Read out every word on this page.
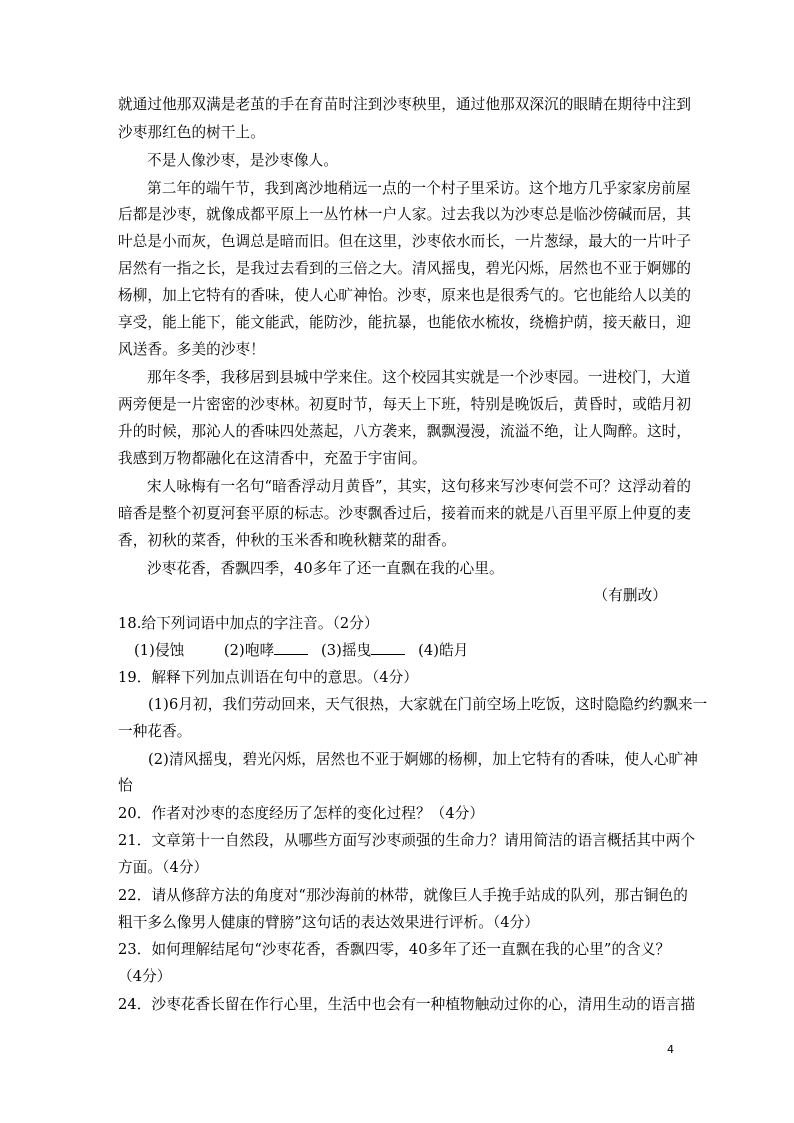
就通过他那双满是老茧的手在育苗时注到沙枣秧里，通过他那双深沉的眼睛在期待中注到
沙枣那红色的树干上。
不是人像沙枣，是沙枣像人。
第二年的端午节，我到离沙地稍远一点的一个村子里采访。这个地方几乎家家房前屋
后都是沙枣，就像成都平原上一丛竹林一户人家。过去我以为沙枣总是临沙傍碱而居，其
叶总是小而灰，色调总是暗而旧。但在这里，沙枣依水而长，一片葱绿，最大的一片叶子
居然有一指之长，是我过去看到的三倍之大。清风摇曳，碧光闪烁，居然也不亚于婀娜的
杨柳，加上它特有的香味，使人心旷神怡。沙枣，原来也是很秀气的。它也能给人以美的
享受，能上能下，能文能武，能防沙，能抗暴，也能依水梳妆，绕檐护荫，接天蔽日，迎
风送香。多美的沙枣！
那年冬季，我移居到县城中学来住。这个校园其实就是一个沙枣园。一进校门，大道
两旁便是一片密密的沙枣林。初夏时节，每天上下班，特别是晚饭后，黄昏时，或皓月初
升的时候，那沁人的香味四处蒸起，八方袭来，飘飘漫漫，流溢不绝，让人陶醉。这时，
我感到万物都融化在这清香中，充盈于宇宙间。
宋人咏梅有一名句“暗香浮动月黄昏”，其实，这句移来写沙枣何尝不可？这浮动着的
暗香是整个初夏河套平原的标志。沙枣飘香过后，接着而来的就是八百里平原上仲夏的麦
香，初秋的菜香，仲秋的玉米香和晚秋糖菜的甜香。
沙枣花香，香飘四季，40多年了还一直飘在我的心里。
（有删改）
18.给下列词语中加点的字注音。（2分）
(1)侵蚀	(2)咆哮	(3)摇曳	(4)皓月
19．解释下列加点训语在句中的意思。（4分）
(1)6月初，我们劳动回来，天气很热，大家就在门前空场上吃饭，这时隐隐约约飘来一
一种花香。
(2)清风摇曳，碧光闪烁，居然也不亚于婀娜的杨柳，加上它特有的香味，使人心旷神
怡
20．作者对沙枣的态度经历了怎样的变化过程？（4分）
21．文章第十一自然段，从哪些方面写沙枣顽强的生命力？请用简洁的语言概括其中两个
方面。（4分）
22．请从修辞方法的角度对“那沙海前的林带，就像巨人手挽手站成的队列，那古铜色的
粗干多么像男人健康的臂膀”这句话的表达效果进行评析。（4分）
23．如何理解结尾句“沙枣花香，香飘四零，40多年了还一直飘在我的心里”的含义？
（4分）
24．沙枣花香长留在作行心里，生活中也会有一种植物触动过你的心，清用生动的语言描
4
